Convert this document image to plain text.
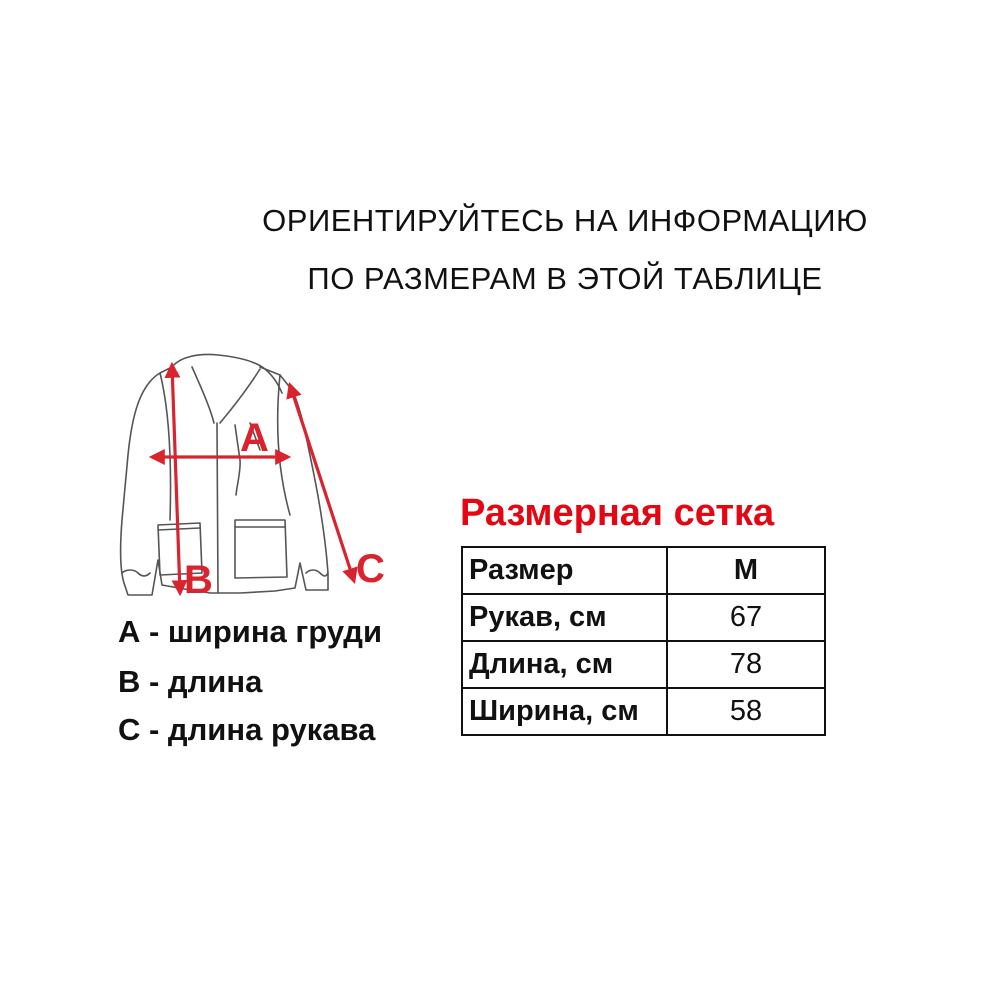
ОРИЕНТИРУЙТЕСЬ НА ИНФОРМАЦИЮ
ПО РАЗМЕРАМ В ЭТОЙ ТАБЛИЦЕ
A
B	C
А - ширина груди
B - длина
С - длина рукава
Размерная сетка
Размер	M
Рукав, см	67
Длина, см	78
Ширина, см	58
